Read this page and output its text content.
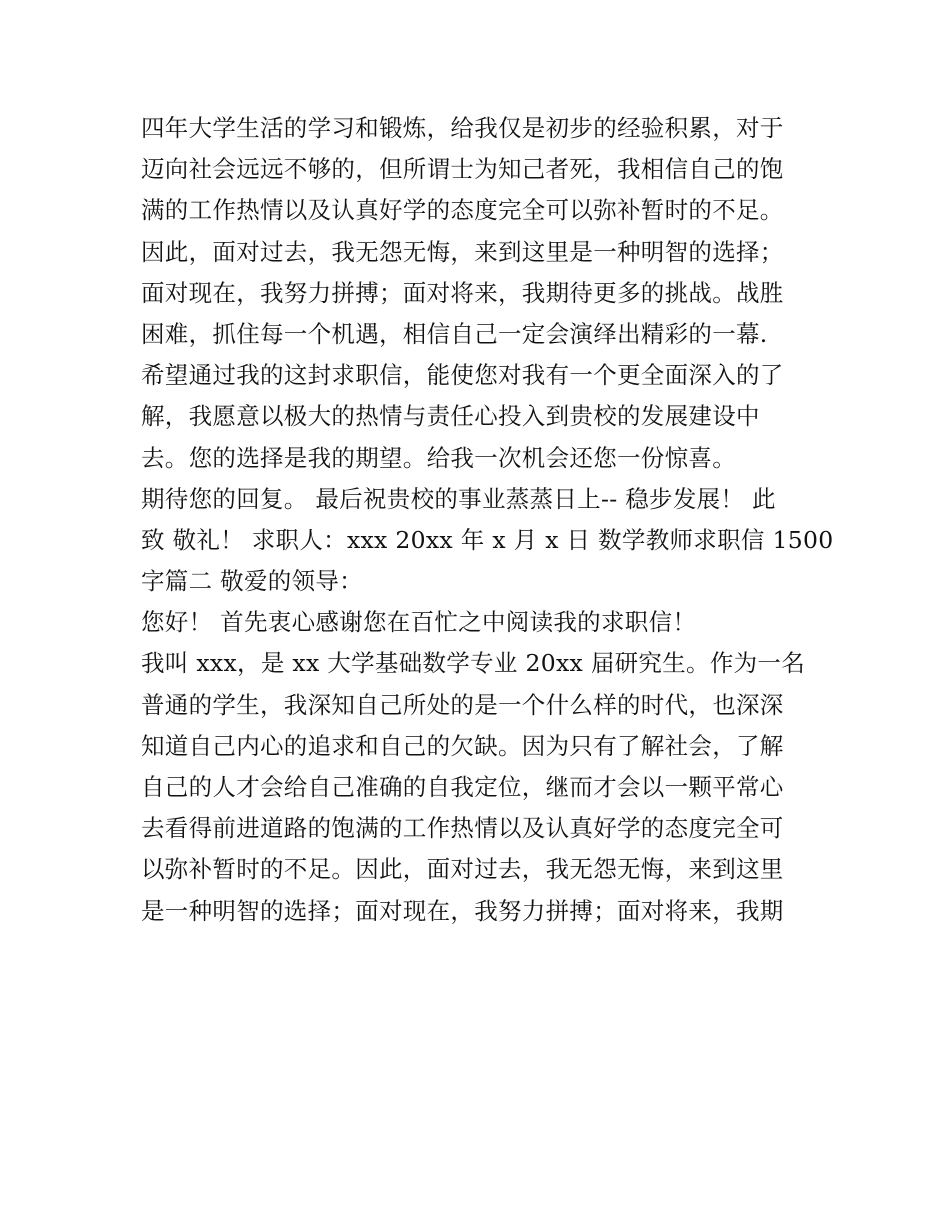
四年大学生活的学习和锻炼，给我仅是初步的经验积累，对于
迈向社会远远不够的，但所谓士为知己者死，我相信自己的饱
满的工作热情以及认真好学的态度完全可以弥补暂时的不足。
因此，面对过去，我无怨无悔，来到这里是一种明智的选择；
面对现在，我努力拼搏；面对将来，我期待更多的挑战。战胜
困难，抓住每一个机遇，相信自己一定会演绎出精彩的一幕.
希望通过我的这封求职信，能使您对我有一个更全面深入的了
解，我愿意以极大的热情与责任心投入到贵校的发展建设中
去。您的选择是我的期望。给我一次机会还您一份惊喜。
期待您的回复。 最后祝贵校的事业蒸蒸日上-- 稳步发展！ 此
致 敬礼！ 求职人：xxx 20xx 年 x 月 x 日 数学教师求职信 1500
字篇二 敬爱的领导：
您好！ 首先衷心感谢您在百忙之中阅读我的求职信！
我叫 xxx，是 xx 大学基础数学专业 20xx 届研究生。作为一名
普通的学生，我深知自己所处的是一个什么样的时代，也深深
知道自己内心的追求和自己的欠缺。因为只有了解社会，了解
自己的人才会给自己准确的自我定位，继而才会以一颗平常心
去看得前进道路的饱满的工作热情以及认真好学的态度完全可
以弥补暂时的不足。因此，面对过去，我无怨无悔，来到这里
是一种明智的选择；面对现在，我努力拼搏；面对将来，我期
